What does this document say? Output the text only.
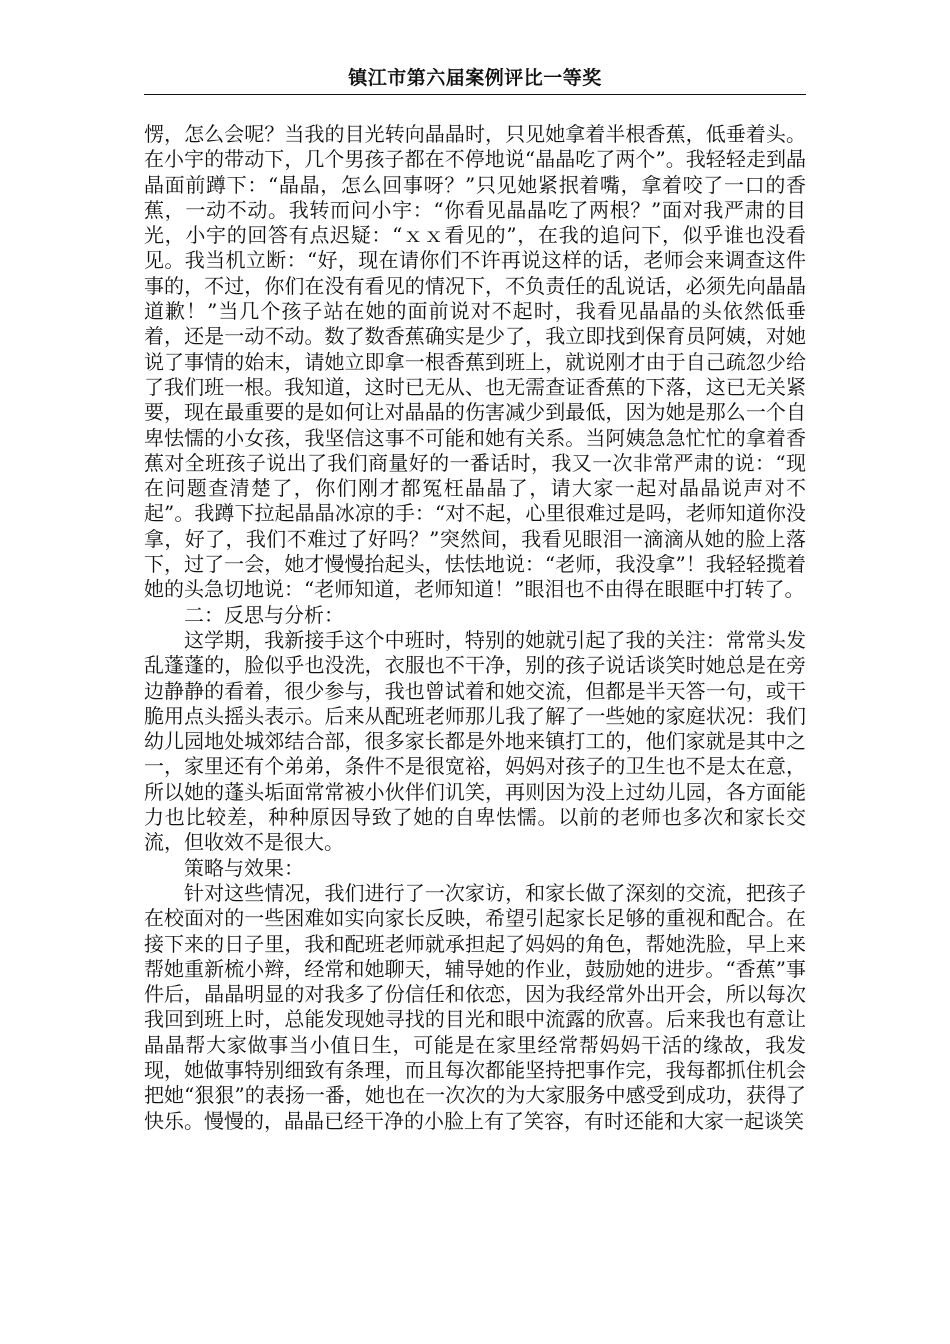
镇江市第六届案例评比一等奖

愣，怎么会呢？当我的目光转向晶晶时，只见她拿着半根香蕉，低垂着头。在小宇的带动下，几个男孩子都在不停地说“晶晶吃了两个”。我轻轻走到晶晶面前蹲下：“晶晶，怎么回事呀？”只见她紧抿着嘴，拿着咬了一口的香蕉，一动不动。我转而问小宇：“你看见晶晶吃了两根？”面对我严肃的目光，小宇的回答有点迟疑：“ｘｘ看见的”，在我的追问下，似乎谁也没看见。我当机立断：“好，现在请你们不许再说这样的话，老师会来调查这件事的，不过，你们在没有看见的情况下，不负责任的乱说话，必须先向晶晶道歉！”当几个孩子站在她的面前说对不起时，我看见晶晶的头依然低垂着，还是一动不动。数了数香蕉确实是少了，我立即找到保育员阿姨，对她说了事情的始末，请她立即拿一根香蕉到班上，就说刚才由于自己疏忽少给了我们班一根。我知道，这时已无从、也无需查证香蕉的下落，这已无关紧要，现在最重要的是如何让对晶晶的伤害减少到最低，因为她是那么一个自卑怯懦的小女孩，我坚信这事不可能和她有关系。当阿姨急急忙忙的拿着香蕉对全班孩子说出了我们商量好的一番话时，我又一次非常严肃的说：“现在问题查清楚了，你们刚才都冤枉晶晶了，请大家一起对晶晶说声对不起”。我蹲下拉起晶晶冰凉的手：“对不起，心里很难过是吗，老师知道你没拿，好了，我们不难过了好吗？”突然间，我看见眼泪一滴滴从她的脸上落下，过了一会，她才慢慢抬起头，怯怯地说：“老师，我没拿”！我轻轻揽着她的头急切地说：“老师知道，老师知道！”眼泪也不由得在眼眶中打转了。

二：反思与分析：

这学期，我新接手这个中班时，特别的她就引起了我的关注：常常头发乱蓬蓬的，脸似乎也没洗，衣服也不干净，别的孩子说话谈笑时她总是在旁边静静的看着，很少参与，我也曾试着和她交流，但都是半天答一句，或干脆用点头摇头表示。后来从配班老师那儿我了解了一些她的家庭状况：我们幼儿园地处城郊结合部，很多家长都是外地来镇打工的，他们家就是其中之一，家里还有个弟弟，条件不是很宽裕，妈妈对孩子的卫生也不是太在意，所以她的蓬头垢面常常被小伙伴们讥笑，再则因为没上过幼儿园，各方面能力也比较差，种种原因导致了她的自卑怯懦。以前的老师也多次和家长交流，但收效不是很大。

策略与效果：

针对这些情况，我们进行了一次家访，和家长做了深刻的交流，把孩子在校面对的一些困难如实向家长反映，希望引起家长足够的重视和配合。在接下来的日子里，我和配班老师就承担起了妈妈的角色，帮她洗脸，早上来帮她重新梳小辫，经常和她聊天，辅导她的作业，鼓励她的进步。“香蕉”事件后，晶晶明显的对我多了份信任和依恋，因为我经常外出开会，所以每次我回到班上时，总能发现她寻找的目光和眼中流露的欣喜。后来我也有意让晶晶帮大家做事当小值日生，可能是在家里经常帮妈妈干活的缘故，我发现，她做事特别细致有条理，而且每次都能坚持把事作完，我每都抓住机会把她“狠狠”的表扬一番，她也在一次次的为大家服务中感受到成功，获得了快乐。慢慢的，晶晶已经干净的小脸上有了笑容，有时还能和大家一起谈笑
